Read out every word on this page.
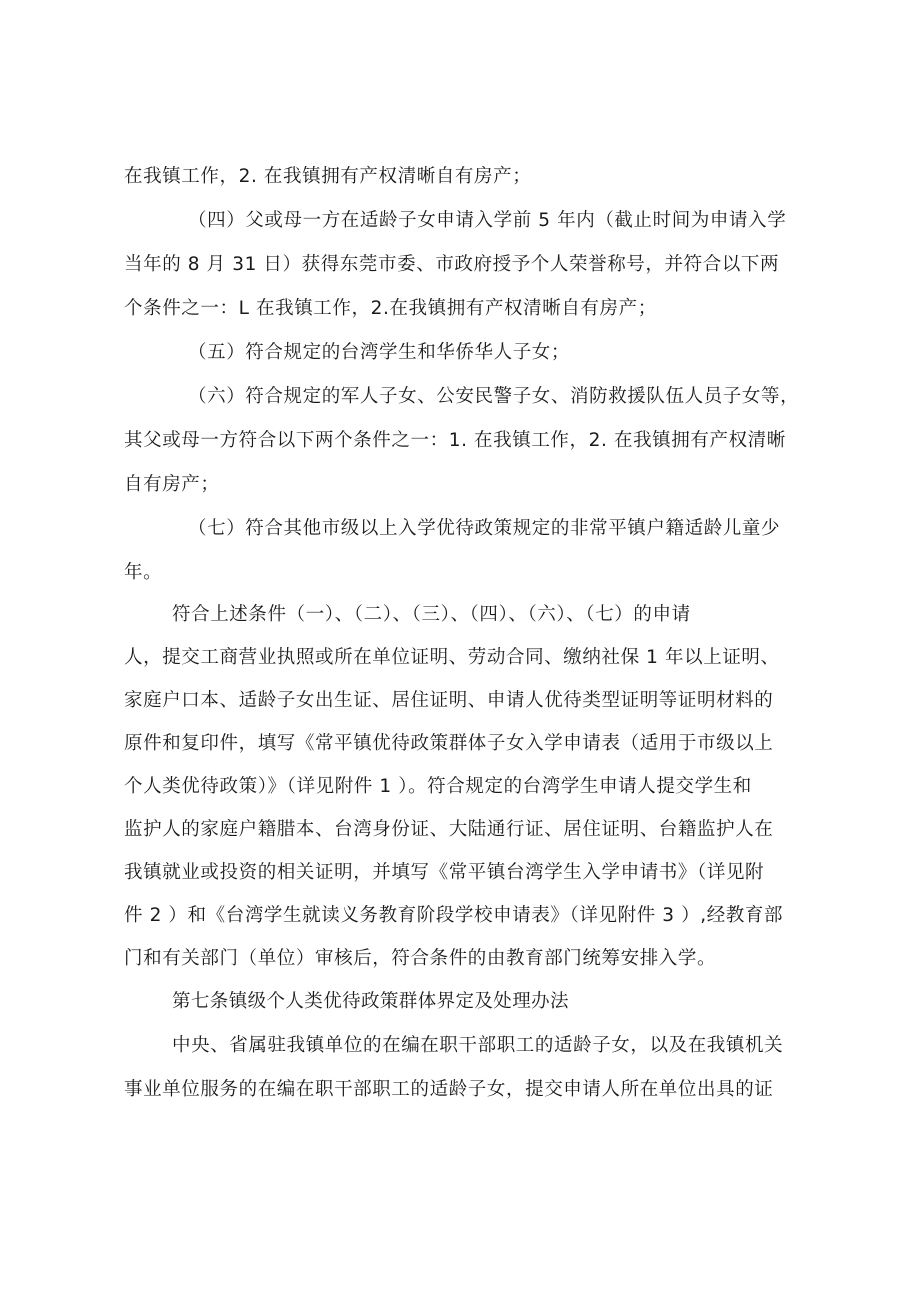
在我镇工作，2. 在我镇拥有产权清晰自有房产；
（四）父或母一方在适龄子女申请入学前 5 年内（截止时间为申请入学
当年的 8 月 31 日）获得东莞市委、市政府授予个人荣誉称号，并符合以下两
个条件之一：L 在我镇工作，2.在我镇拥有产权清晰自有房产；
（五）符合规定的台湾学生和华侨华人子女；
（六）符合规定的军人子女、公安民警子女、消防救援队伍人员子女等，
其父或母一方符合以下两个条件之一：1. 在我镇工作，2. 在我镇拥有产权清晰
自有房产；
（七）符合其他市级以上入学优待政策规定的非常平镇户籍适龄儿童少
年。
符合上述条件（一）、（二）、（三）、（四）、（六）、（七）的申请
人，提交工商营业执照或所在单位证明、劳动合同、缴纳社保 1 年以上证明、
家庭户口本、适龄子女出生证、居住证明、申请人优待类型证明等证明材料的
原件和复印件，填写《常平镇优待政策群体子女入学申请表（适用于市级以上
个人类优待政策）》（详见附件 1 ）。符合规定的台湾学生申请人提交学生和
监护人的家庭户籍腊本、台湾身份证、大陆通行证、居住证明、台籍监护人在
我镇就业或投资的相关证明，并填写《常平镇台湾学生入学申请书》（详见附
件 2 ）和《台湾学生就读义务教育阶段学校申请表》（详见附件 3 ）,经教育部
门和有关部门（单位）审核后，符合条件的由教育部门统筹安排入学。
第七条镇级个人类优待政策群体界定及处理办法
中央、省属驻我镇单位的在编在职干部职工的适龄子女，以及在我镇机关
事业单位服务的在编在职干部职工的适龄子女，提交申请人所在单位出具的证
